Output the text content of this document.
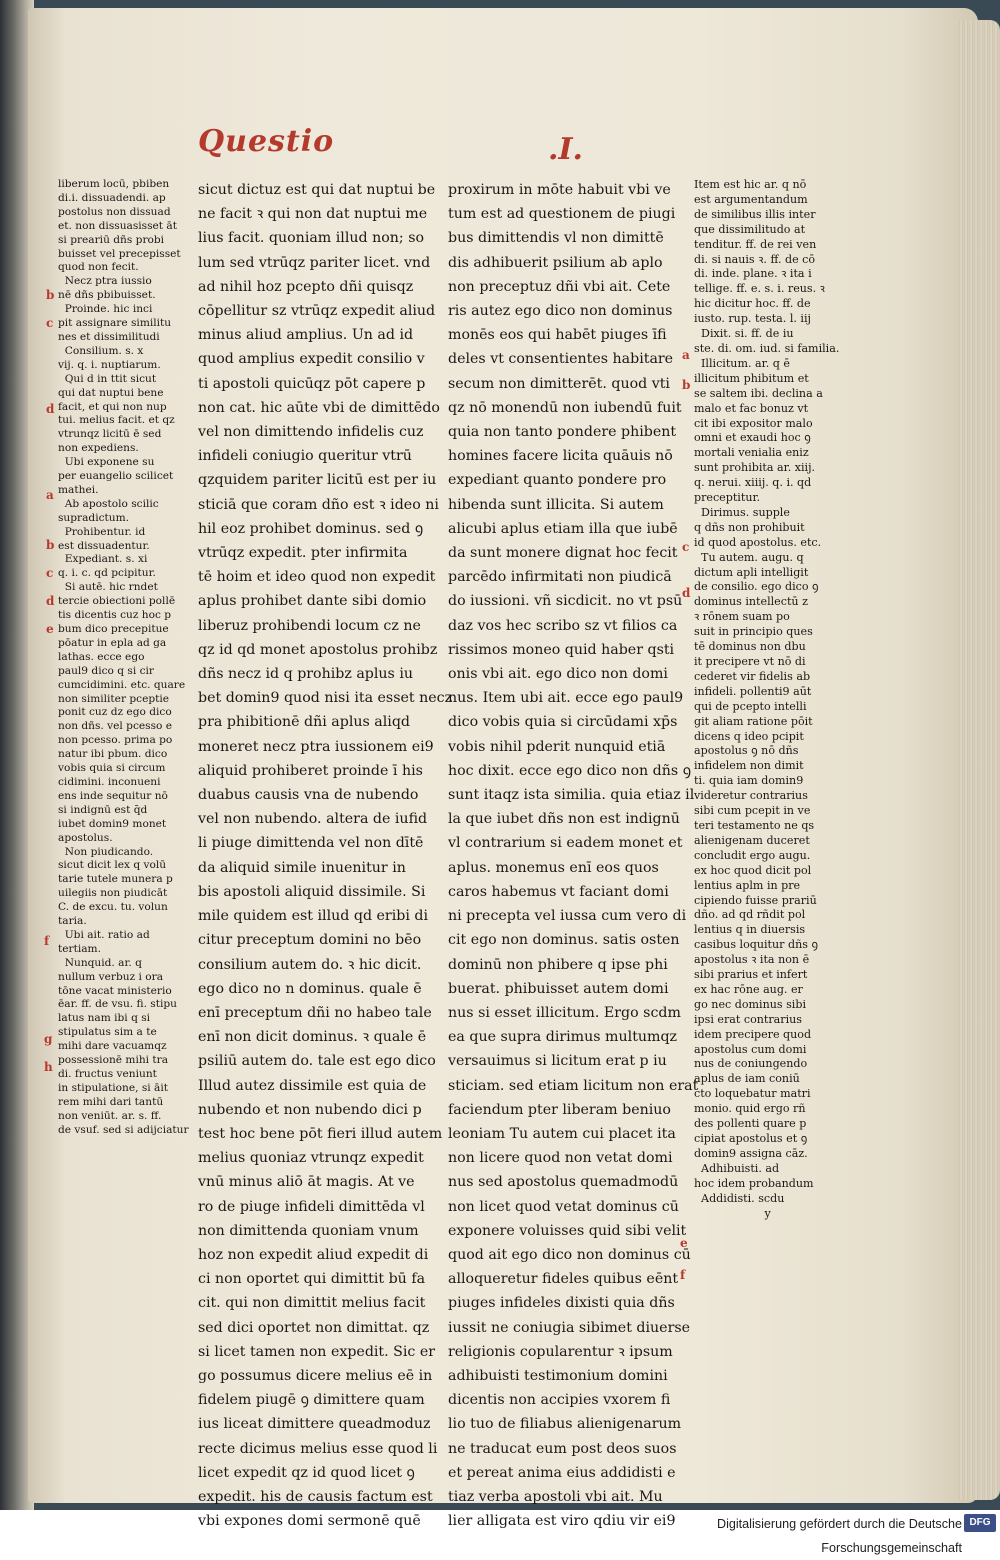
Questio	.I.
liberum locū, pbiben
di.i. dissuadendi. ap
postolus non dissuad
et. non dissuasisset āt
si preariū dñs probi
buisset vel precepisset
quod non fecit.
Necz ptra iussio
nē dñs pbibuisset.
Proinde. hic inci
pit assignare similitu
nes et dissimilitudi
Consilium. s. x
vij. q. i. nuptiarum.
Qui d in ttit sicut
qui dat nuptui bene
facit, et qui non nup
tui. melius facit. et qz
vtrunqz licitū ē sed
non expediens.
Ubi exponene su
per euangelio scilicet
mathei.
Ab apostolo scilic
supradictum.
Prohibentur. id
est dissuadentur.
Expediant. s. xi
q. i. c. qd pcipitur.
Si autē. hic rndet
tercie obiectioni pollē
tis dicentis cuz hoc p
bum dico precepitue
pōatur in epla ad ga
lathas. ecce ego
paul9 dico q si cir
cumcidimini. etc. quare
non similiter pceptie
ponit cuz dz ego dico
non dñs. vel pcesso e
non pcesso. prima po
natur ibi pbum. dico
vobis quia si circum
cidimini. inconueni
ens inde sequitur nō
si indignū est q̄d
iubet domin9 monet
apostolus.
Non piudicando.
sicut dicit lex q volū
tarie tutele munera p
uilegiis non piudicāt
C. de excu. tu. volun
taria.
Ubi ait. ratio ad
tertiam.
Nunquid. ar. q
nullum verbuz i ora
tōne vacat ministerio
ēar. ff. de vsu. fi. stipu
latus nam ibi q si
stipulatus sim a te
mihi dare vacuamqz
possessionē mihi tra
di. fructus veniunt
in stipulatione, si āit
rem mihi dari tantū
non veniūt. ar. s. ff.
de vsuf. sed si adijciatur
sicut dictuz est qui dat nuptui be
ne facit ꝛ qui non dat nuptui me
lius facit. quoniam illud non; so
lum sed vtrūqz pariter licet. vnd
ad nihil hoz pcepto dñi quisqz
cōpellitur sz vtrūqz expedit aliud
minus aliud amplius. Un ad id
quod amplius expedit consilio v
ti apostoli quicūqz pōt capere p
non cat. hic aūte vbi de dimittēdo
vel non dimittendo infidelis cuz
infideli coniugio queritur vtrū
qzquidem pariter licitū est per
sticiā que coram dño est ꝛ ideo
hil eoz prohibet dominus. sed ꝯ
vtrūqz expedit. pter infirmita
tē hoim et ideo quod non expedit
aplus prohibet dante sibi domio
liberuz prohibendi locum cz ne
qz id qd monet apostolus prohibz
dñs necz id q prohibz aplus iu
bet domin9 quod nisi ita esset
pra phibitionē dñi aplus aliqd
moneret necz ptra iussionem ei9
aliquid prohiberet proinde ī his
duabus causis vna de nubendo
vel non nubendo. altera de iufid
li piuge dimittenda vel non dītē
da aliquid simile inuenitur in
bis apostoli aliquid dissimile. Si
mile quidem est illud qd eribi di
citur preceptum domini no bēo
consilium autem do. ꝛ hic dicit.
ego dico no n dominus. quale ē
enī preceptum dñi no habeo tale
enī non dicit dominus. ꝛ quale ē
psiliū autem do. tale est ego dico
Illud autez dissimile est quia de
nubendo et non nubendo dici p
test hoc bene pōt fieri illud autem
melius quoniaz vtrunqz expedit
vnū minus aliō āt magis. At ve
ro de piuge infideli dimittēda vl
non dimittenda quoniam vnum
hoz non expedit aliud expedit di
ci non oportet qui dimittit bū fa
cit. qui non dimittit melius facit
sed dici oportet non dimittat. qz
si licet tamen non expedit. Sic er
go possumus dicere melius eē in
fidelem piugē ꝯ dimittere quam
ius liceat dimittere queadmoduz
recte dicimus melius esse quod
licet expedit qz id quod licet ꝯ
expedit. his de causis factum est
vbi expones domi sermonē quē
proxirum in mōte habuit vbi ve
tum est ad questionem de piugi
bus dimittendis vl non dimittē
dis adhibuerit psilium ab aplo
non preceptuz dñi vbi ait. Cete
ris autez ego dico non dominus
monēs eos qui habēt piuges īfi
deles vt consentientes habitare
secum non dimitterēt. quod vti
qz nō monendū non iubendū fuit
quia non tanto pondere phibent
homines facere licita quāuis nō
expediant quanto pondere pro
hibenda sunt illicita. Si autem
alicubi aplus etiam illa que iubē
da sunt monere dignat hoc fecit
parcēdo infirmitati non piudicā
do iussioni. vñ sicdicit. no vt psū
daz vos hec scribo sz vt filios ca
rissimos moneo quid haber qsti
onis vbi ait. ego dico non domi
nus. Item ubi ait. ecce ego paul9
dico vobis quia si circūdami xp̄s
vobis nihil pderit nunquid etiā
hoc dixit. ecce ego dico non dñs
sunt itaqz ista similia. quia etiaz
la que iubet dñs non est indignū
vl contrarium si eadem monet et
aplus. monemus enī eos quos
caros habemus vt faciant domi
ni precepta vel iussa cum vero
cit ego non dominus. satis osten
dominū non phibere q ipse phi
buerat. phibuisset autem domi
nus si esset illicitum. Ergo scdm
ea que supra dirimus multumqz
versauimus si licitum erat p iu
sticiam. sed etiam licitum non
faciendum pter liberam beniuo
leoniam Tu autem cui placet ita
non licere quod non vetat domi
nus sed apostolus quemadmodū
non licet quod vetat dominus cū
exponere voluisses quid sibi velit
quod ait ego dico non dominus
alloqueretur fideles quibus eēnt
piuges infideles dixisti quia dñs
iussit ne coniugia sibimet diuerse
religionis copularentur ꝛ ipsum
adhibuisti testimonium domini
dicentis non accipies vxorem fi
lio tuo de filiabus alienigenarum
ne traducat eum post deos suos
et pereat anima eius addidisti e
tiaz verba apostoli vbi ait. Mu
lier alligata est viro qdiu vir ei9
Item est hic ar. q nō
est argumentandum
de similibus illis inter
que dissimilitudo at
tenditur. ff. de rei ven
di. si nauis ꝛ. ff. de cō
di. inde. plane. ꝛ ita i
tellige. ff. e. s. i. reus.
hic dicitur hoc. ff. de
iusto. rup. testa. l. iij
Dixit. si. ff. de iu
ste. di. om. iud. si familia.
Illicitum. ar. q ē
illicitum phibitum et
se saltem ibi. declina a
malo et fac bonuz vt
cit ibi expositor malo
omni et exaudi hoc ꝯ
mortali venialia eniz
sunt prohibita ar. xiij.
q. nerui. xiiij. q. i. qd
preceptitur.
Dirimus. supple
q dñs non prohibuit
id quod apostolus. etc.
Tu autem. augu. q
dictum apli intelligit
de consilio. ego dico ꝯ
dominus intellectū z
ꝛ rōnem suam po
suit in principio ques
tē dominus non dbu
it precipere vt nō di
cederet vir fidelis ab
infideli. pollenti9 aūt
qui de pcepto intelli
git aliam ratione pōit
dicens q ideo pcipit
apostolus ꝯ nō dñs
infidelem non dimit
ti. quia iam domin9
videretur contrarius
sibi cum pcepit in ve
teri testamento ne qs
alienigenam duceret
concludit ergo augu.
ex hoc quod dicit pol
lentius aplm in pre
cipiendo fuisse prariū
dño. ad qd rñdit pol
lentius q in diuersis
casibus loquitur dñs ꝯ
apostolus ꝛ ita non ē
sibi prarius et infert
ex hac rōne aug. er
go nec dominus sibi
ipsi erat contrarius
idem precipere quod
apostolus cum domi
nus de coniungendo
aplus de iam coniū
cto loquebatur matri
monio. quid ergo rñ
des pollenti quare p
cipiat apostolus et ꝯ
domin9 assigna cāz.
Adhibuisti. ad
hoc idem probandum
Addidisti. scdu
y
b
c
d
a
b
c
d
e
f
g
h
a
b
c
d
e
f
Digitalisierung gefördert durch die Deutsche Forschungsgemeinschaft
DFG
